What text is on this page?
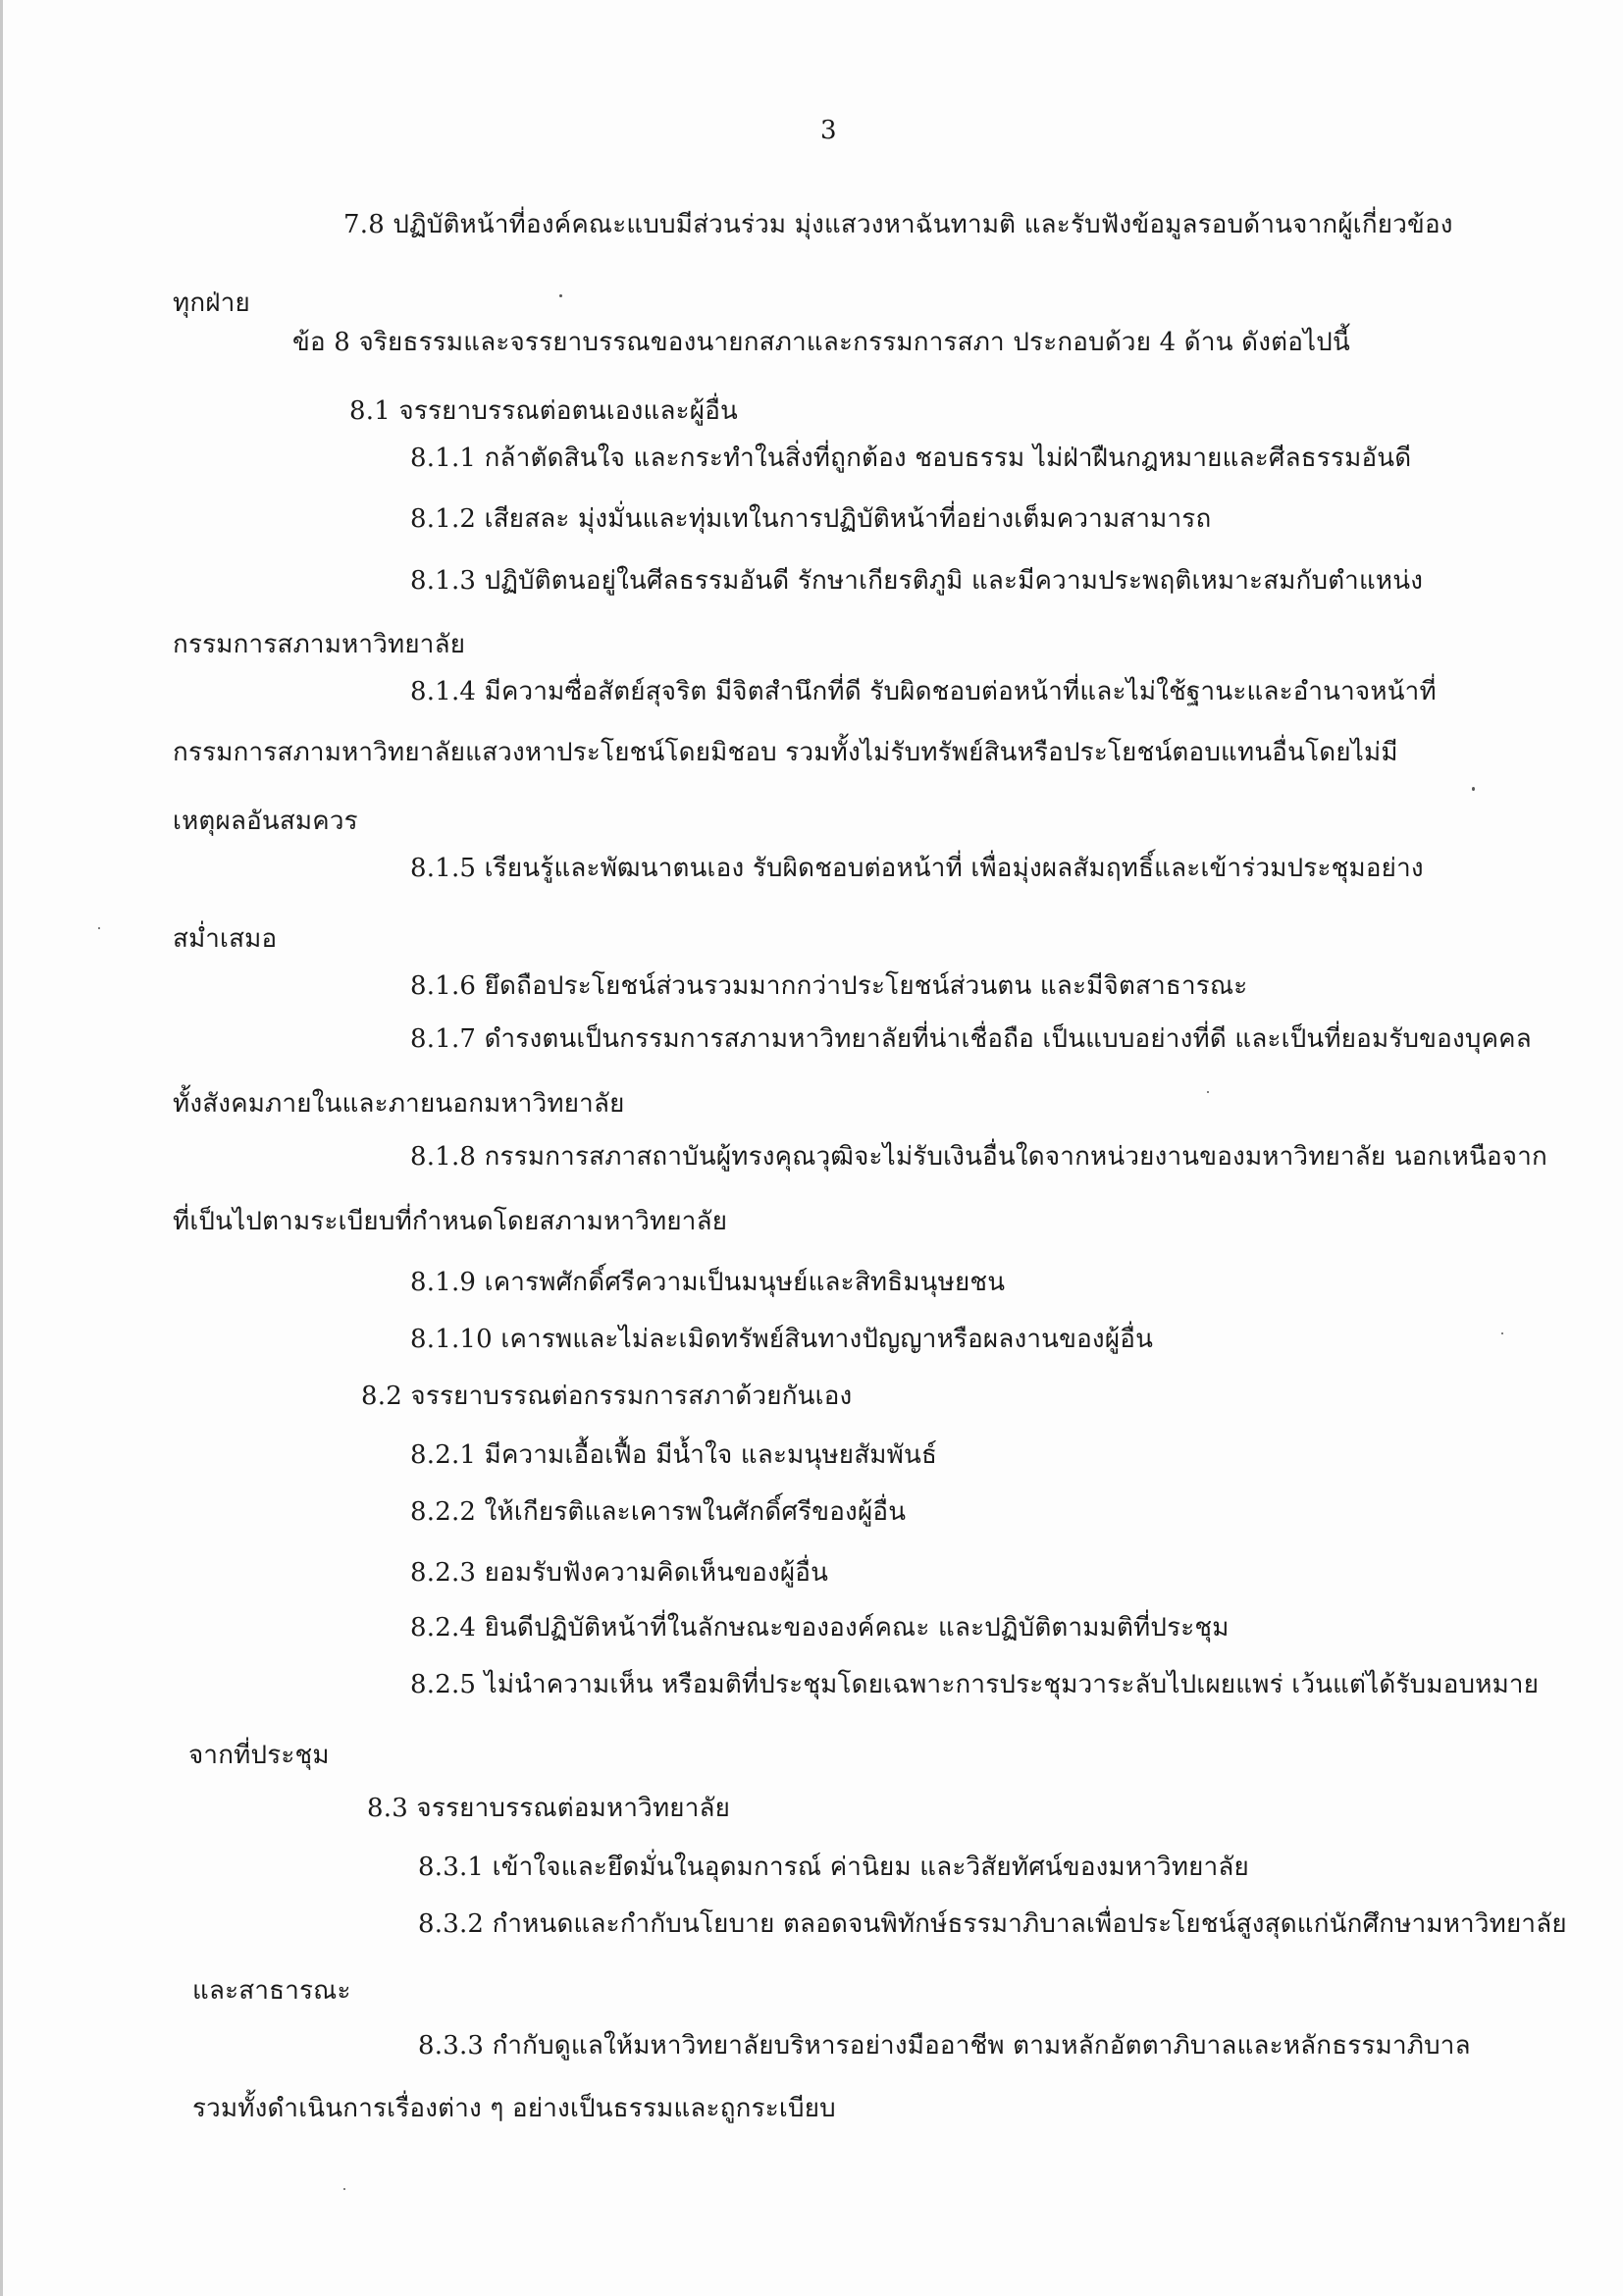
3
7.8 ปฏิบัติหน้าที่องค์คณะแบบมีส่วนร่วม มุ่งแสวงหาฉันทามติ และรับฟังข้อมูลรอบด้านจากผู้เกี่ยวข้อง
ทุกฝ่าย
ข้อ 8 จริยธรรมและจรรยาบรรณของนายกสภาและกรรมการสภา ประกอบด้วย 4 ด้าน ดังต่อไปนี้
8.1 จรรยาบรรณต่อตนเองและผู้อื่น
8.1.1 กล้าตัดสินใจ และกระทำในสิ่งที่ถูกต้อง ชอบธรรม ไม่ฝ่าฝืนกฎหมายและศีลธรรมอันดี
8.1.2 เสียสละ มุ่งมั่นและทุ่มเทในการปฏิบัติหน้าที่อย่างเต็มความสามารถ
8.1.3 ปฏิบัติตนอยู่ในศีลธรรมอันดี รักษาเกียรติภูมิ และมีความประพฤติเหมาะสมกับตำแหน่ง
กรรมการสภามหาวิทยาลัย
8.1.4 มีความซื่อสัตย์สุจริต มีจิตสำนึกที่ดี รับผิดชอบต่อหน้าที่และไม่ใช้ฐานะและอำนาจหน้าที่
กรรมการสภามหาวิทยาลัยแสวงหาประโยชน์โดยมิชอบ รวมทั้งไม่รับทรัพย์สินหรือประโยชน์ตอบแทนอื่นโดยไม่มี
เหตุผลอันสมควร
8.1.5 เรียนรู้และพัฒนาตนเอง รับผิดชอบต่อหน้าที่ เพื่อมุ่งผลสัมฤทธิ์และเข้าร่วมประชุมอย่าง
สม่ำเสมอ
8.1.6 ยึดถือประโยชน์ส่วนรวมมากกว่าประโยชน์ส่วนตน และมีจิตสาธารณะ
8.1.7 ดำรงตนเป็นกรรมการสภามหาวิทยาลัยที่น่าเชื่อถือ เป็นแบบอย่างที่ดี และเป็นที่ยอมรับของบุคคล
ทั้งสังคมภายในและภายนอกมหาวิทยาลัย
8.1.8 กรรมการสภาสถาบันผู้ทรงคุณวุฒิจะไม่รับเงินอื่นใดจากหน่วยงานของมหาวิทยาลัย นอกเหนือจาก
ที่เป็นไปตามระเบียบที่กำหนดโดยสภามหาวิทยาลัย
8.1.9 เคารพศักดิ์ศรีความเป็นมนุษย์และสิทธิมนุษยชน
8.1.10 เคารพและไม่ละเมิดทรัพย์สินทางปัญญาหรือผลงานของผู้อื่น
8.2 จรรยาบรรณต่อกรรมการสภาด้วยกันเอง
8.2.1 มีความเอื้อเฟื้อ มีน้ำใจ และมนุษยสัมพันธ์
8.2.2 ให้เกียรติและเคารพในศักดิ์ศรีของผู้อื่น
8.2.3 ยอมรับฟังความคิดเห็นของผู้อื่น
8.2.4 ยินดีปฏิบัติหน้าที่ในลักษณะขององค์คณะ และปฏิบัติตามมติที่ประชุม
8.2.5 ไม่นำความเห็น หรือมติที่ประชุมโดยเฉพาะการประชุมวาระลับไปเผยแพร่ เว้นแต่ได้รับมอบหมาย
จากที่ประชุม
8.3 จรรยาบรรณต่อมหาวิทยาลัย
8.3.1 เข้าใจและยึดมั่นในอุดมการณ์ ค่านิยม และวิสัยทัศน์ของมหาวิทยาลัย
8.3.2 กำหนดและกำกับนโยบาย ตลอดจนพิทักษ์ธรรมาภิบาลเพื่อประโยชน์สูงสุดแก่นักศึกษามหาวิทยาลัย
และสาธารณะ
8.3.3 กำกับดูแลให้มหาวิทยาลัยบริหารอย่างมืออาชีพ ตามหลักอัตตาภิบาลและหลักธรรมาภิบาล
รวมทั้งดำเนินการเรื่องต่าง ๆ อย่างเป็นธรรมและถูกระเบียบ
